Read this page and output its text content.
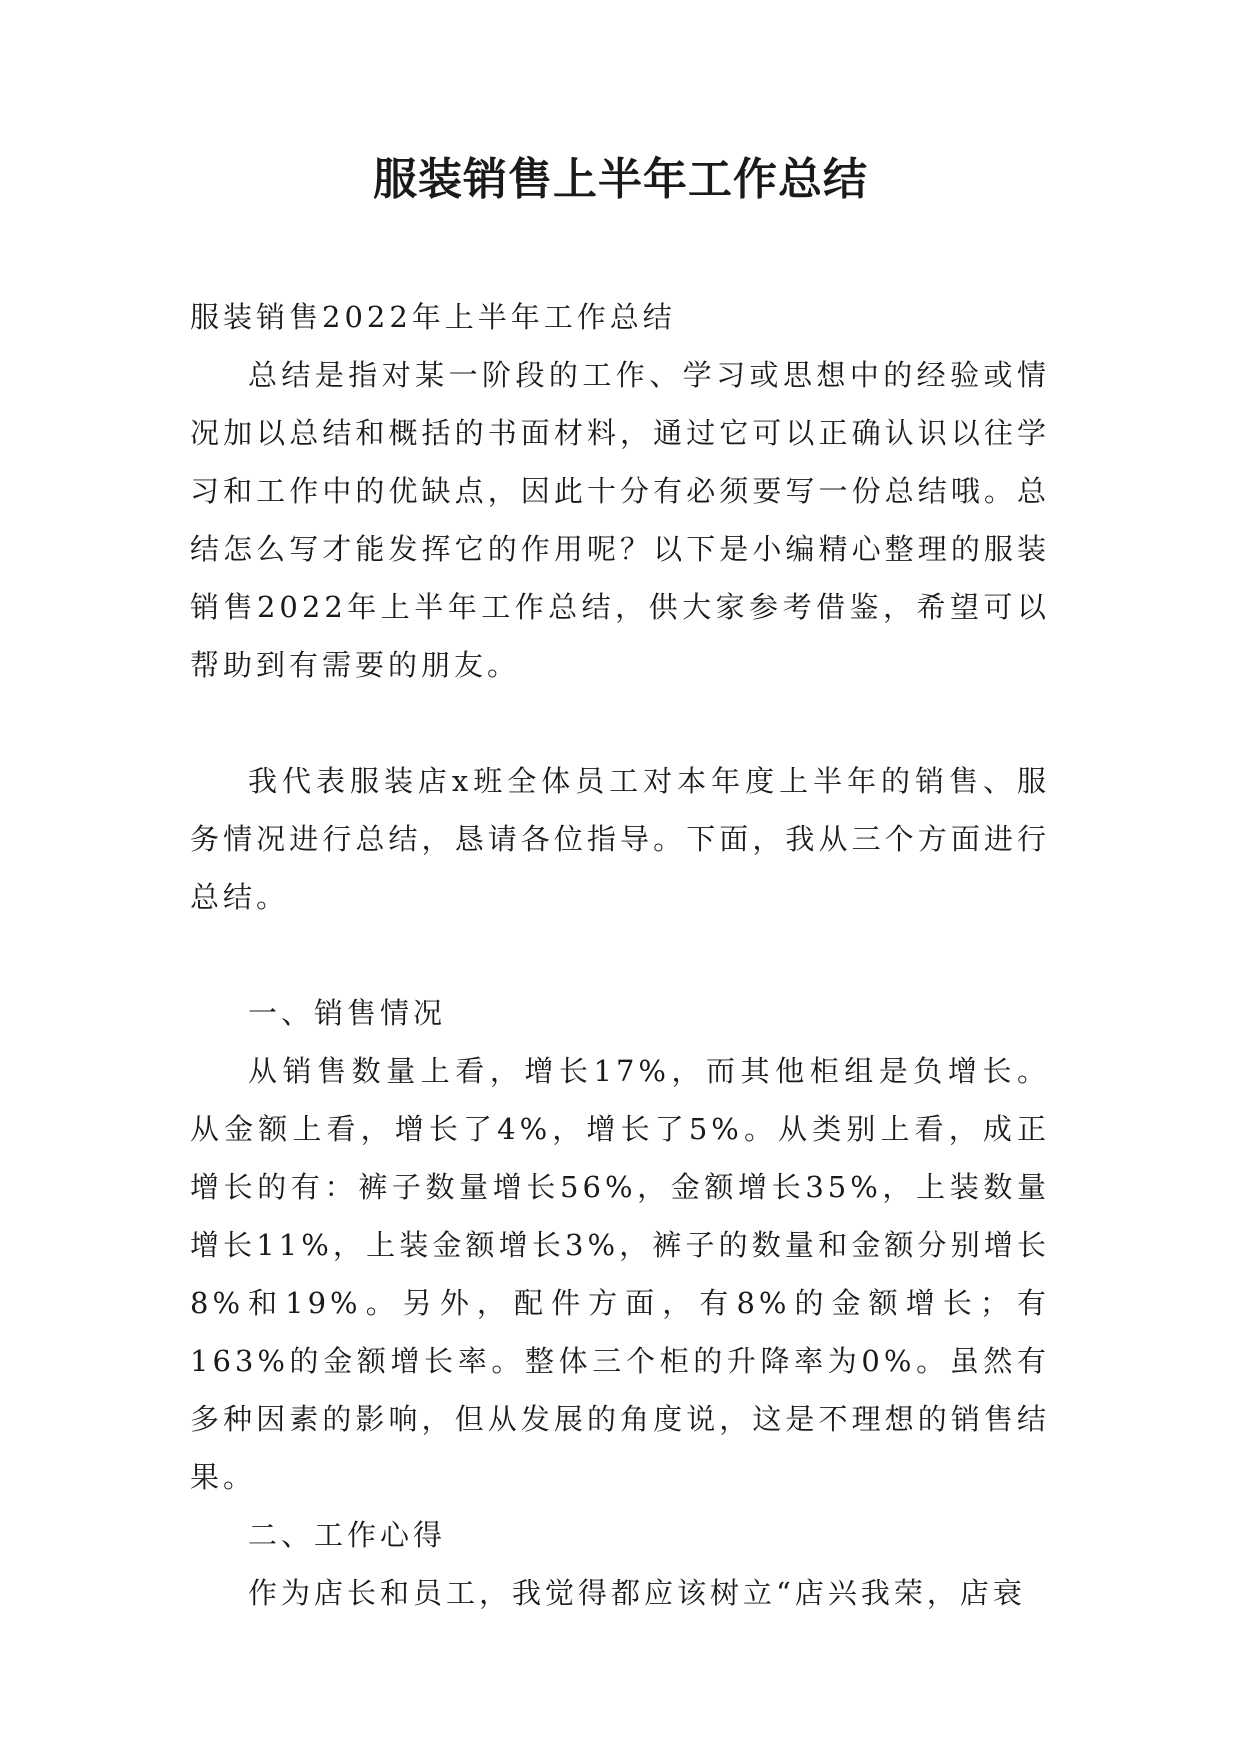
服装销售上半年工作总结

服装销售2022年上半年工作总结

总结是指对某一阶段的工作、学习或思想中的经验或情况加以总结和概括的书面材料，通过它可以正确认识以往学习和工作中的优缺点，因此十分有必须要写一份总结哦。总结怎么写才能发挥它的作用呢？以下是小编精心整理的服装销售2022年上半年工作总结，供大家参考借鉴，希望可以帮助到有需要的朋友。

我代表服装店x班全体员工对本年度上半年的销售、服务情况进行总结，恳请各位指导。下面，我从三个方面进行总结。

一、销售情况

从销售数量上看，增长17%，而其他柜组是负增长。从金额上看，增长了4%，增长了5%。从类别上看，成正增长的有：裤子数量增长56%，金额增长35%，上装数量增长11%，上装金额增长3%，裤子的数量和金额分别增长8%和19%。另外，配件方面，有8%的金额增长；有163%的金额增长率。整体三个柜的升降率为0%。虽然有多种因素的影响，但从发展的角度说，这是不理想的销售结果。

二、工作心得

作为店长和员工，我觉得都应该树立“店兴我荣，店衰
